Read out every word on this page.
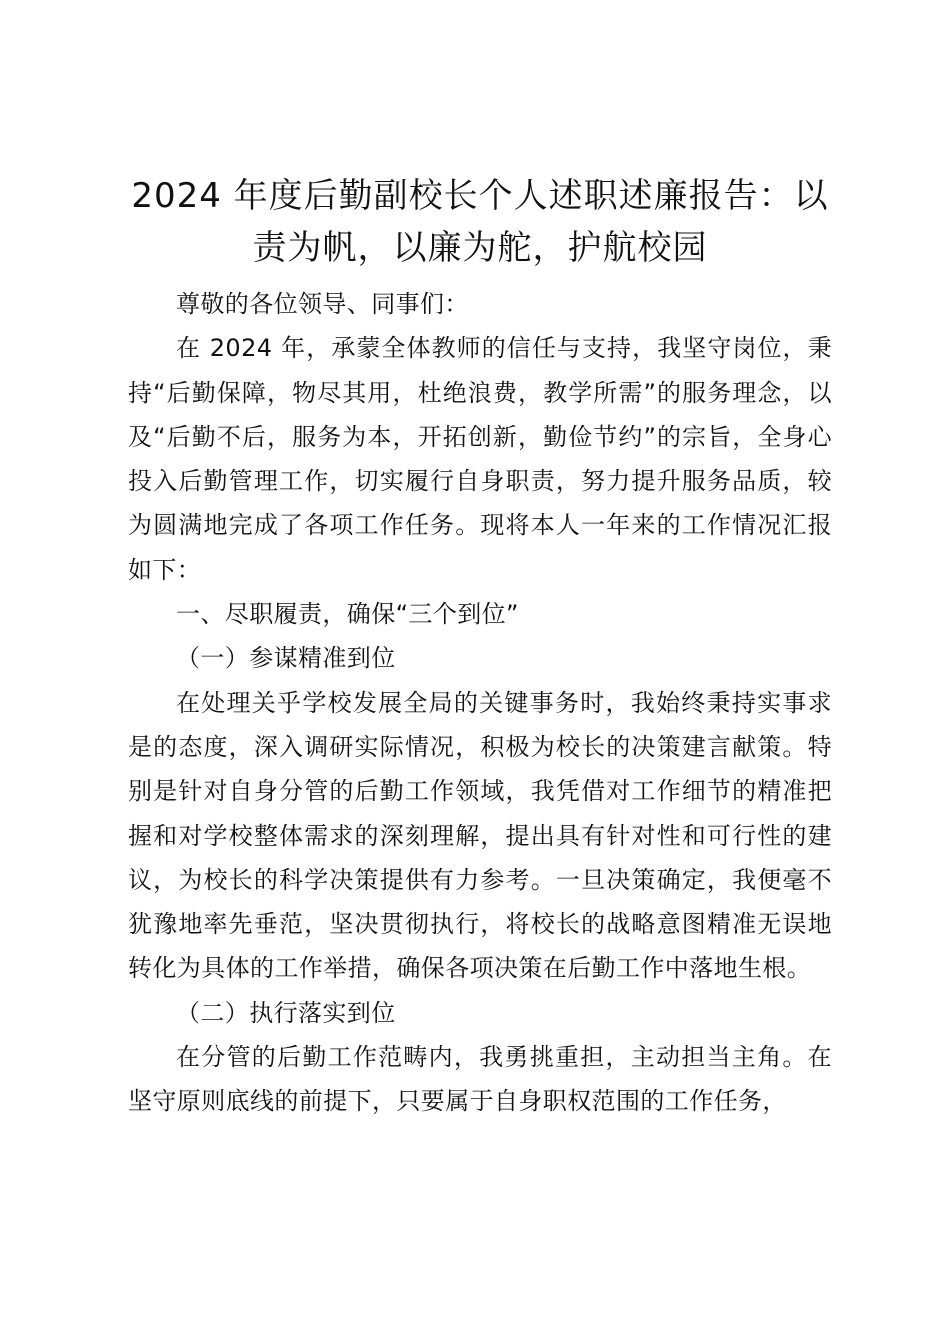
2024 年度后勤副校长个人述职述廉报告：以责为帆，以廉为舵，护航校园

尊敬的各位领导、同事们：

在 2024 年，承蒙全体教师的信任与支持，我坚守岗位，秉持“后勤保障，物尽其用，杜绝浪费，教学所需”的服务理念，以及“后勤不后，服务为本，开拓创新，勤俭节约”的宗旨，全身心投入后勤管理工作，切实履行自身职责，努力提升服务品质，较为圆满地完成了各项工作任务。现将本人一年来的工作情况汇报如下：

一、尽职履责，确保“三个到位”

（一）参谋精准到位

在处理关乎学校发展全局的关键事务时，我始终秉持实事求是的态度，深入调研实际情况，积极为校长的决策建言献策。特别是针对自身分管的后勤工作领域，我凭借对工作细节的精准把握和对学校整体需求的深刻理解，提出具有针对性和可行性的建议，为校长的科学决策提供有力参考。一旦决策确定，我便毫不犹豫地率先垂范，坚决贯彻执行，将校长的战略意图精准无误地转化为具体的工作举措，确保各项决策在后勤工作中落地生根。

（二）执行落实到位

在分管的后勤工作范畴内，我勇挑重担，主动担当主角。在坚守原则底线的前提下，只要属于自身职权范围的工作任务，
